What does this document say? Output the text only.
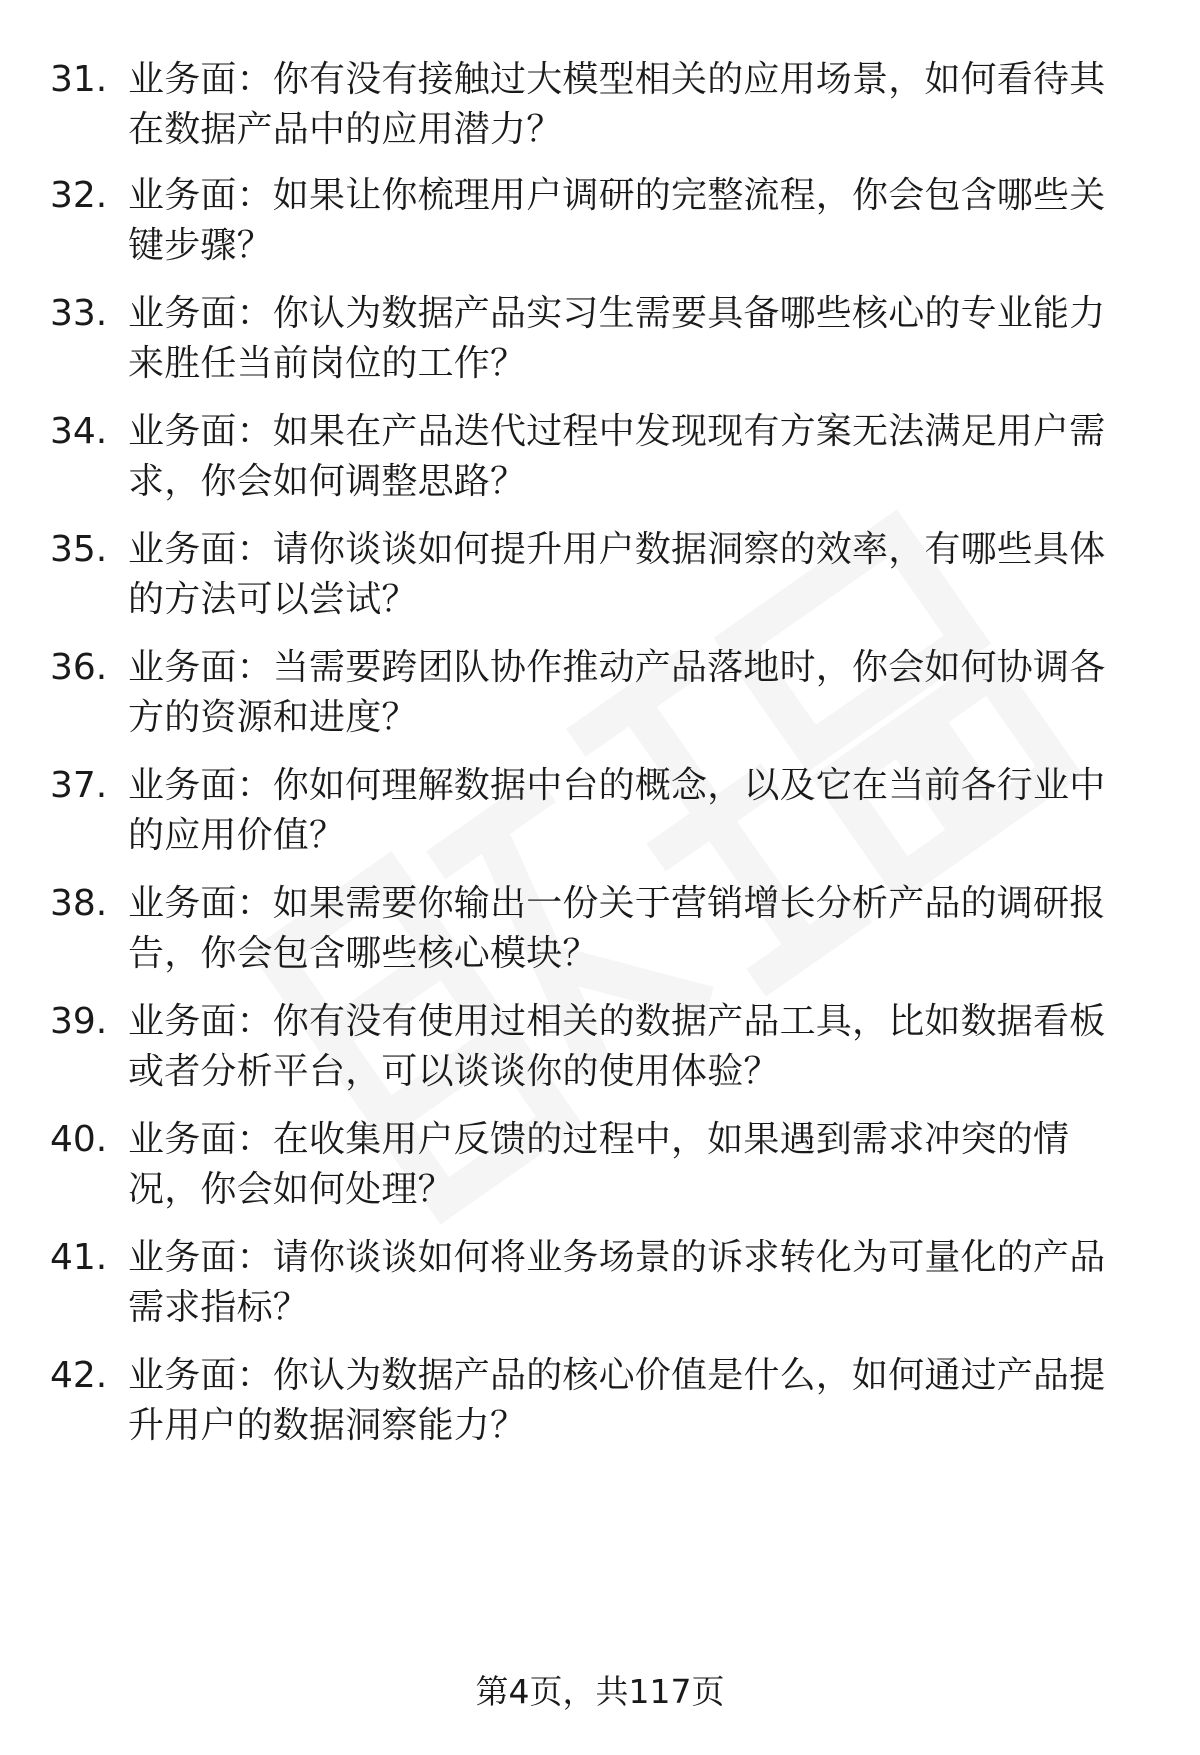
31. 业务面：你有没有接触过大模型相关的应用场景，如何看待其在数据产品中的应用潜力？
32. 业务面：如果让你梳理用户调研的完整流程，你会包含哪些关键步骤？
33. 业务面：你认为数据产品实习生需要具备哪些核心的专业能力来胜任当前岗位的工作？
34. 业务面：如果在产品迭代过程中发现现有方案无法满足用户需求，你会如何调整思路？
35. 业务面：请你谈谈如何提升用户数据洞察的效率，有哪些具体的方法可以尝试？
36. 业务面：当需要跨团队协作推动产品落地时，你会如何协调各方的资源和进度？
37. 业务面：你如何理解数据中台的概念，以及它在当前各行业中的应用价值？
38. 业务面：如果需要你输出一份关于营销增长分析产品的调研报告，你会包含哪些核心模块？
39. 业务面：你有没有使用过相关的数据产品工具，比如数据看板或者分析平台，可以谈谈你的使用体验？
40. 业务面：在收集用户反馈的过程中，如果遇到需求冲突的情况，你会如何处理？
41. 业务面：请你谈谈如何将业务场景的诉求转化为可量化的产品需求指标？
42. 业务面：你认为数据产品的核心价值是什么，如何通过产品提升用户的数据洞察能力？
第4页，共117页
